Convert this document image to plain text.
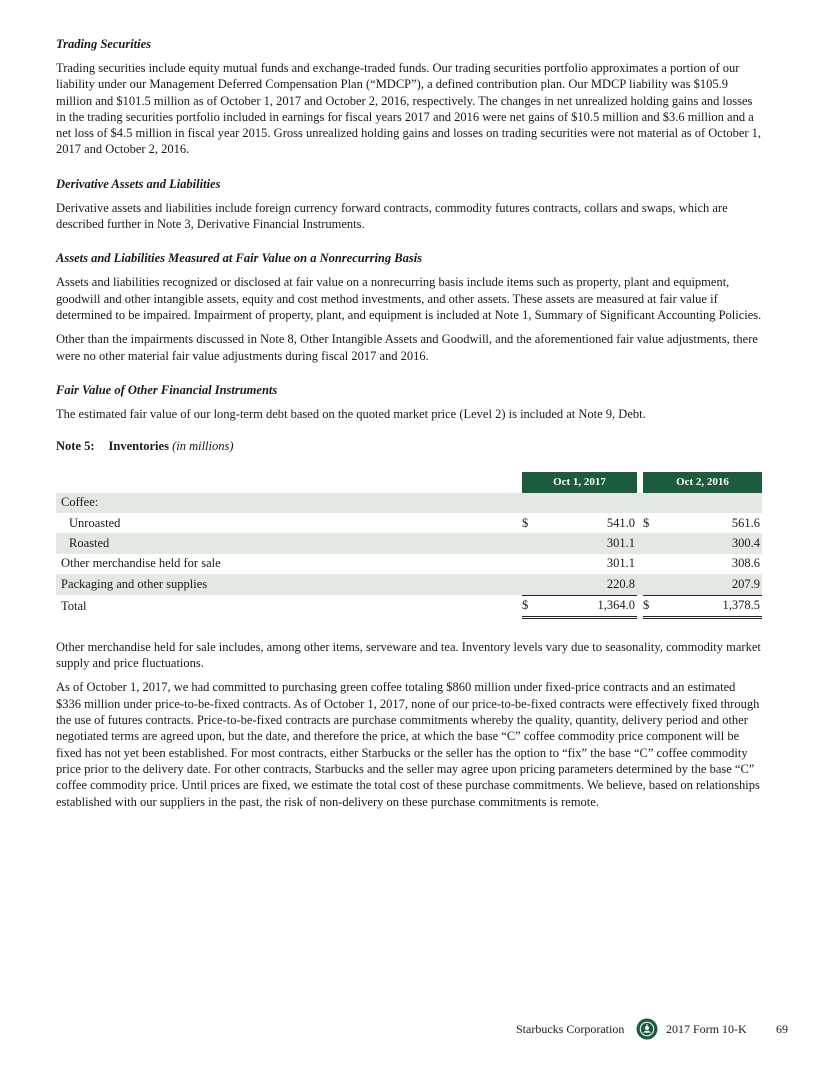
Trading Securities
Trading securities include equity mutual funds and exchange-traded funds. Our trading securities portfolio approximates a portion of our liability under our Management Deferred Compensation Plan (“MDCP”), a defined contribution plan. Our MDCP liability was $105.9 million and $101.5 million as of October 1, 2017 and October 2, 2016, respectively. The changes in net unrealized holding gains and losses in the trading securities portfolio included in earnings for fiscal years 2017 and 2016 were net gains of $10.5 million and $3.6 million and a net loss of $4.5 million in fiscal year 2015. Gross unrealized holding gains and losses on trading securities were not material as of October 1, 2017 and October 2, 2016.
Derivative Assets and Liabilities
Derivative assets and liabilities include foreign currency forward contracts, commodity futures contracts, collars and swaps, which are described further in Note 3, Derivative Financial Instruments.
Assets and Liabilities Measured at Fair Value on a Nonrecurring Basis
Assets and liabilities recognized or disclosed at fair value on a nonrecurring basis include items such as property, plant and equipment, goodwill and other intangible assets, equity and cost method investments, and other assets. These assets are measured at fair value if determined to be impaired. Impairment of property, plant, and equipment is included at Note 1, Summary of Significant Accounting Policies.
Other than the impairments discussed in Note 8, Other Intangible Assets and Goodwill, and the aforementioned fair value adjustments, there were no other material fair value adjustments during fiscal 2017 and 2016.
Fair Value of Other Financial Instruments
The estimated fair value of our long-term debt based on the quoted market price (Level 2) is included at Note 9, Debt.
Note 5: Inventories (in millions)
	Oct 1, 2017			Oct 2, 2016	
Coffee:					
Unroasted	$	541.0		$	561.6
Roasted		301.1			300.4
Other merchandise held for sale		301.1			308.6
Packaging and other supplies		220.8			207.9
Total	$	1,364.0		$	1,378.5
Other merchandise held for sale includes, among other items, serveware and tea. Inventory levels vary due to seasonality, commodity market supply and price fluctuations.
As of October 1, 2017, we had committed to purchasing green coffee totaling $860 million under fixed-price contracts and an estimated $336 million under price-to-be-fixed contracts. As of October 1, 2017, none of our price-to-be-fixed contracts were effectively fixed through the use of futures contracts. Price-to-be-fixed contracts are purchase commitments whereby the quality, quantity, delivery period and other negotiated terms are agreed upon, but the date, and therefore the price, at which the base “C” coffee commodity price component will be fixed has not yet been established. For most contracts, either Starbucks or the seller has the option to “fix” the base “C” coffee commodity price prior to the delivery date. For other contracts, Starbucks and the seller may agree upon pricing parameters determined by the base “C” coffee commodity price. Until prices are fixed, we estimate the total cost of these purchase commitments. We believe, based on relationships established with our suppliers in the past, the risk of non-delivery on these purchase commitments is remote.
Starbucks Corporation	2017 Form 10-K 69
